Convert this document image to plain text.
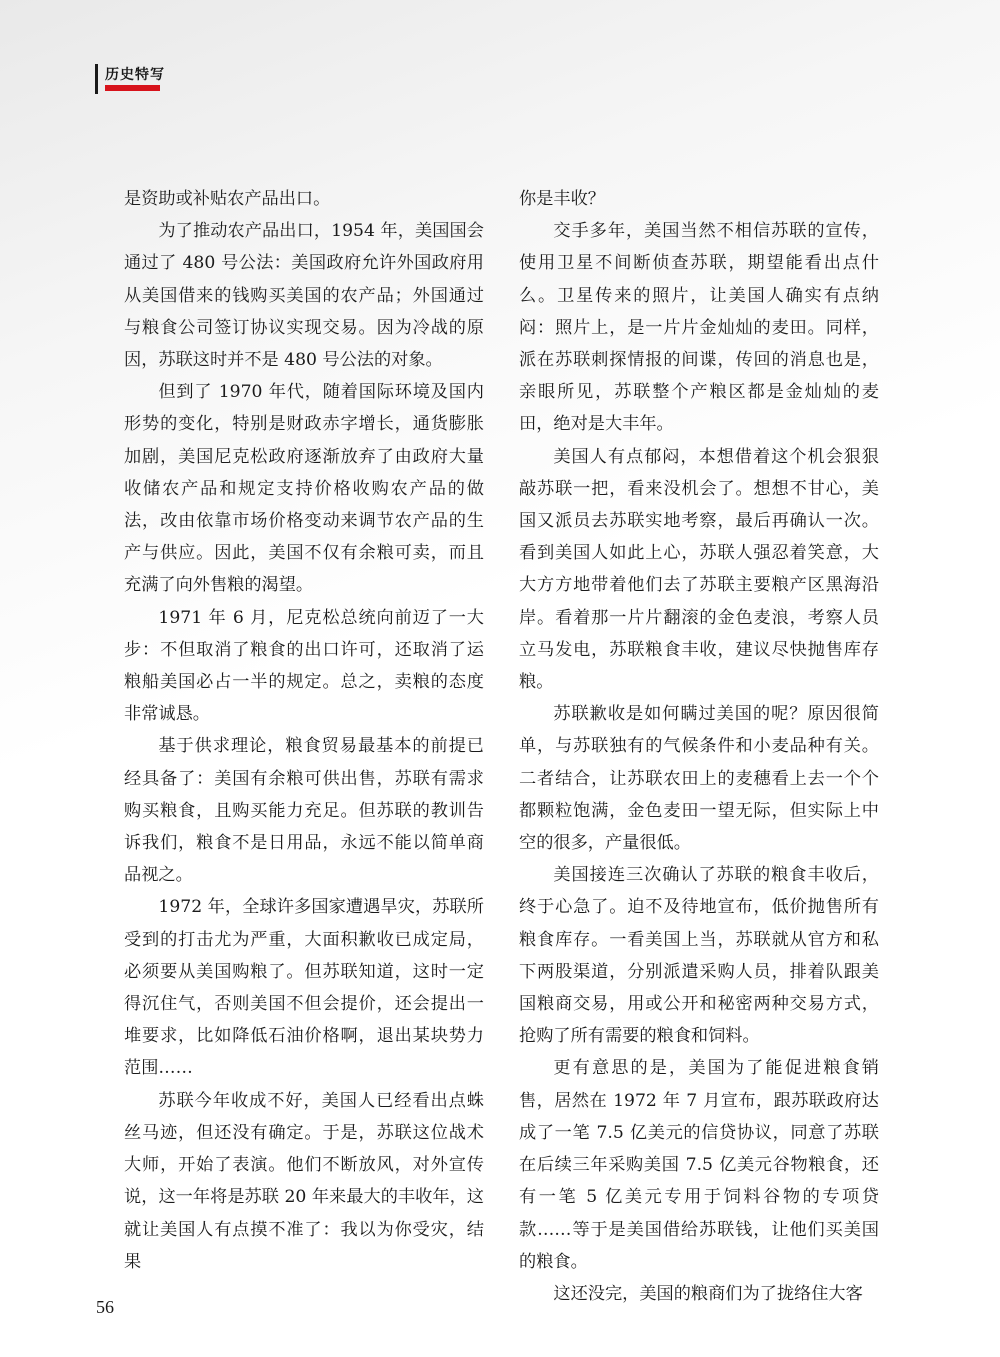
历史特写

是资助或补贴农产品出口。

为了推动农产品出口，1954 年，美国国会通过了 480 号公法：美国政府允许外国政府用从美国借来的钱购买美国的农产品；外国通过与粮食公司签订协议实现交易。因为冷战的原因，苏联这时并不是 480 号公法的对象。

但到了 1970 年代，随着国际环境及国内形势的变化，特别是财政赤字增长，通货膨胀加剧，美国尼克松政府逐渐放弃了由政府大量收储农产品和规定支持价格收购农产品的做法，改由依靠市场价格变动来调节农产品的生产与供应。因此，美国不仅有余粮可卖，而且充满了向外售粮的渴望。

1971 年 6 月，尼克松总统向前迈了一大步：不但取消了粮食的出口许可，还取消了运粮船美国必占一半的规定。总之，卖粮的态度非常诚恳。

基于供求理论，粮食贸易最基本的前提已经具备了：美国有余粮可供出售，苏联有需求购买粮食，且购买能力充足。但苏联的教训告诉我们，粮食不是日用品，永远不能以简单商品视之。

1972 年，全球许多国家遭遇旱灾，苏联所受到的打击尤为严重，大面积歉收已成定局，必须要从美国购粮了。但苏联知道，这时一定得沉住气，否则美国不但会提价，还会提出一堆要求，比如降低石油价格啊，退出某块势力范围……

苏联今年收成不好，美国人已经看出点蛛丝马迹，但还没有确定。于是，苏联这位战术大师，开始了表演。他们不断放风，对外宣传说，这一年将是苏联 20 年来最大的丰收年，这就让美国人有点摸不准了：我以为你受灾，结果

你是丰收？

交手多年，美国当然不相信苏联的宣传，使用卫星不间断侦查苏联，期望能看出点什么。卫星传来的照片，让美国人确实有点纳闷：照片上，是一片片金灿灿的麦田。同样，派在苏联刺探情报的间谍，传回的消息也是，亲眼所见，苏联整个产粮区都是金灿灿的麦田，绝对是大丰年。

美国人有点郁闷，本想借着这个机会狠狠敲苏联一把，看来没机会了。想想不甘心，美国又派员去苏联实地考察，最后再确认一次。看到美国人如此上心，苏联人强忍着笑意，大大方方地带着他们去了苏联主要粮产区黑海沿岸。看着那一片片翻滚的金色麦浪，考察人员立马发电，苏联粮食丰收，建议尽快抛售库存粮。

苏联歉收是如何瞒过美国的呢？原因很简单，与苏联独有的气候条件和小麦品种有关。二者结合，让苏联农田上的麦穗看上去一个个都颗粒饱满，金色麦田一望无际，但实际上中空的很多，产量很低。

美国接连三次确认了苏联的粮食丰收后，终于心急了。迫不及待地宣布，低价抛售所有粮食库存。一看美国上当，苏联就从官方和私下两股渠道，分别派遣采购人员，排着队跟美国粮商交易，用或公开和秘密两种交易方式，抢购了所有需要的粮食和饲料。

更有意思的是，美国为了能促进粮食销售，居然在 1972 年 7 月宣布，跟苏联政府达成了一笔 7.5 亿美元的信贷协议，同意了苏联在后续三年采购美国 7.5 亿美元谷物粮食，还有一笔 5 亿美元专用于饲料谷物的专项贷款……等于是美国借给苏联钱，让他们买美国的粮食。

这还没完，美国的粮商们为了拢络住大客

56
